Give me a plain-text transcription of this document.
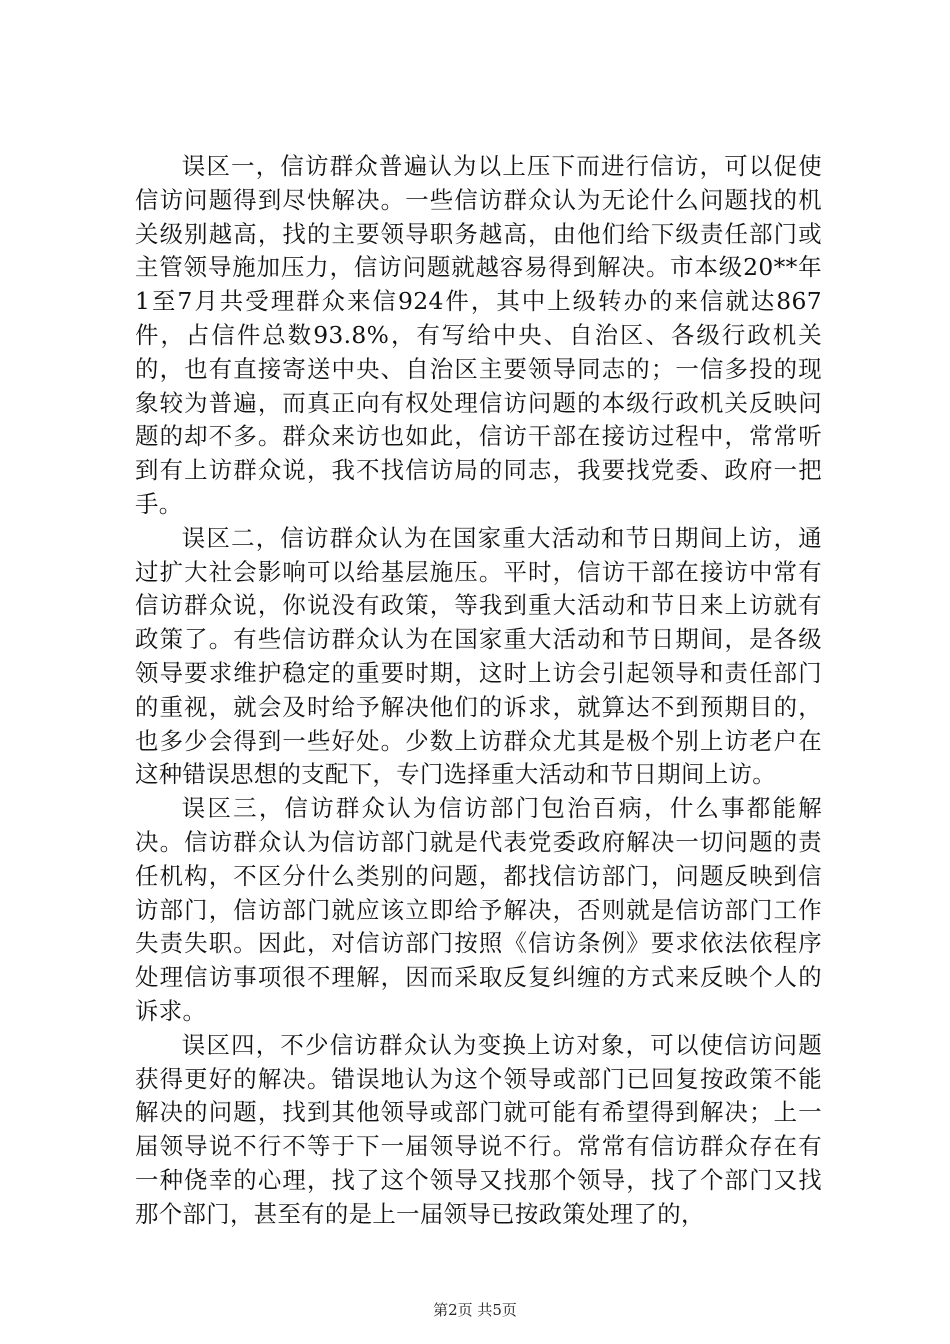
误区一，信访群众普遍认为以上压下而进行信访，可以促使信访问题得到尽快解决。一些信访群众认为无论什么问题找的机关级别越高，找的主要领导职务越高，由他们给下级责任部门或主管领导施加压力，信访问题就越容易得到解决。市本级20**年1至7月共受理群众来信924件，其中上级转办的来信就达867件，占信件总数93.8%，有写给中央、自治区、各级行政机关的，也有直接寄送中央、自治区主要领导同志的；一信多投的现象较为普遍，而真正向有权处理信访问题的本级行政机关反映问题的却不多。群众来访也如此，信访干部在接访过程中，常常听到有上访群众说，我不找信访局的同志，我要找党委、政府一把手。

误区二，信访群众认为在国家重大活动和节日期间上访，通过扩大社会影响可以给基层施压。平时，信访干部在接访中常有信访群众说，你说没有政策，等我到重大活动和节日来上访就有政策了。有些信访群众认为在国家重大活动和节日期间，是各级领导要求维护稳定的重要时期，这时上访会引起领导和责任部门的重视，就会及时给予解决他们的诉求，就算达不到预期目的，也多少会得到一些好处。少数上访群众尤其是极个别上访老户在这种错误思想的支配下，专门选择重大活动和节日期间上访。

误区三，信访群众认为信访部门包治百病，什么事都能解决。信访群众认为信访部门就是代表党委政府解决一切问题的责任机构，不区分什么类别的问题，都找信访部门，问题反映到信访部门，信访部门就应该立即给予解决，否则就是信访部门工作失责失职。因此，对信访部门按照《信访条例》要求依法依程序处理信访事项很不理解，因而采取反复纠缠的方式来反映个人的诉求。

误区四，不少信访群众认为变换上访对象，可以使信访问题获得更好的解决。错误地认为这个领导或部门已回复按政策不能解决的问题，找到其他领导或部门就可能有希望得到解决；上一届领导说不行不等于下一届领导说不行。常常有信访群众存在有一种侥幸的心理，找了这个领导又找那个领导，找了个部门又找那个部门，甚至有的是上一届领导已按政策处理了的，

第2页 共5页
